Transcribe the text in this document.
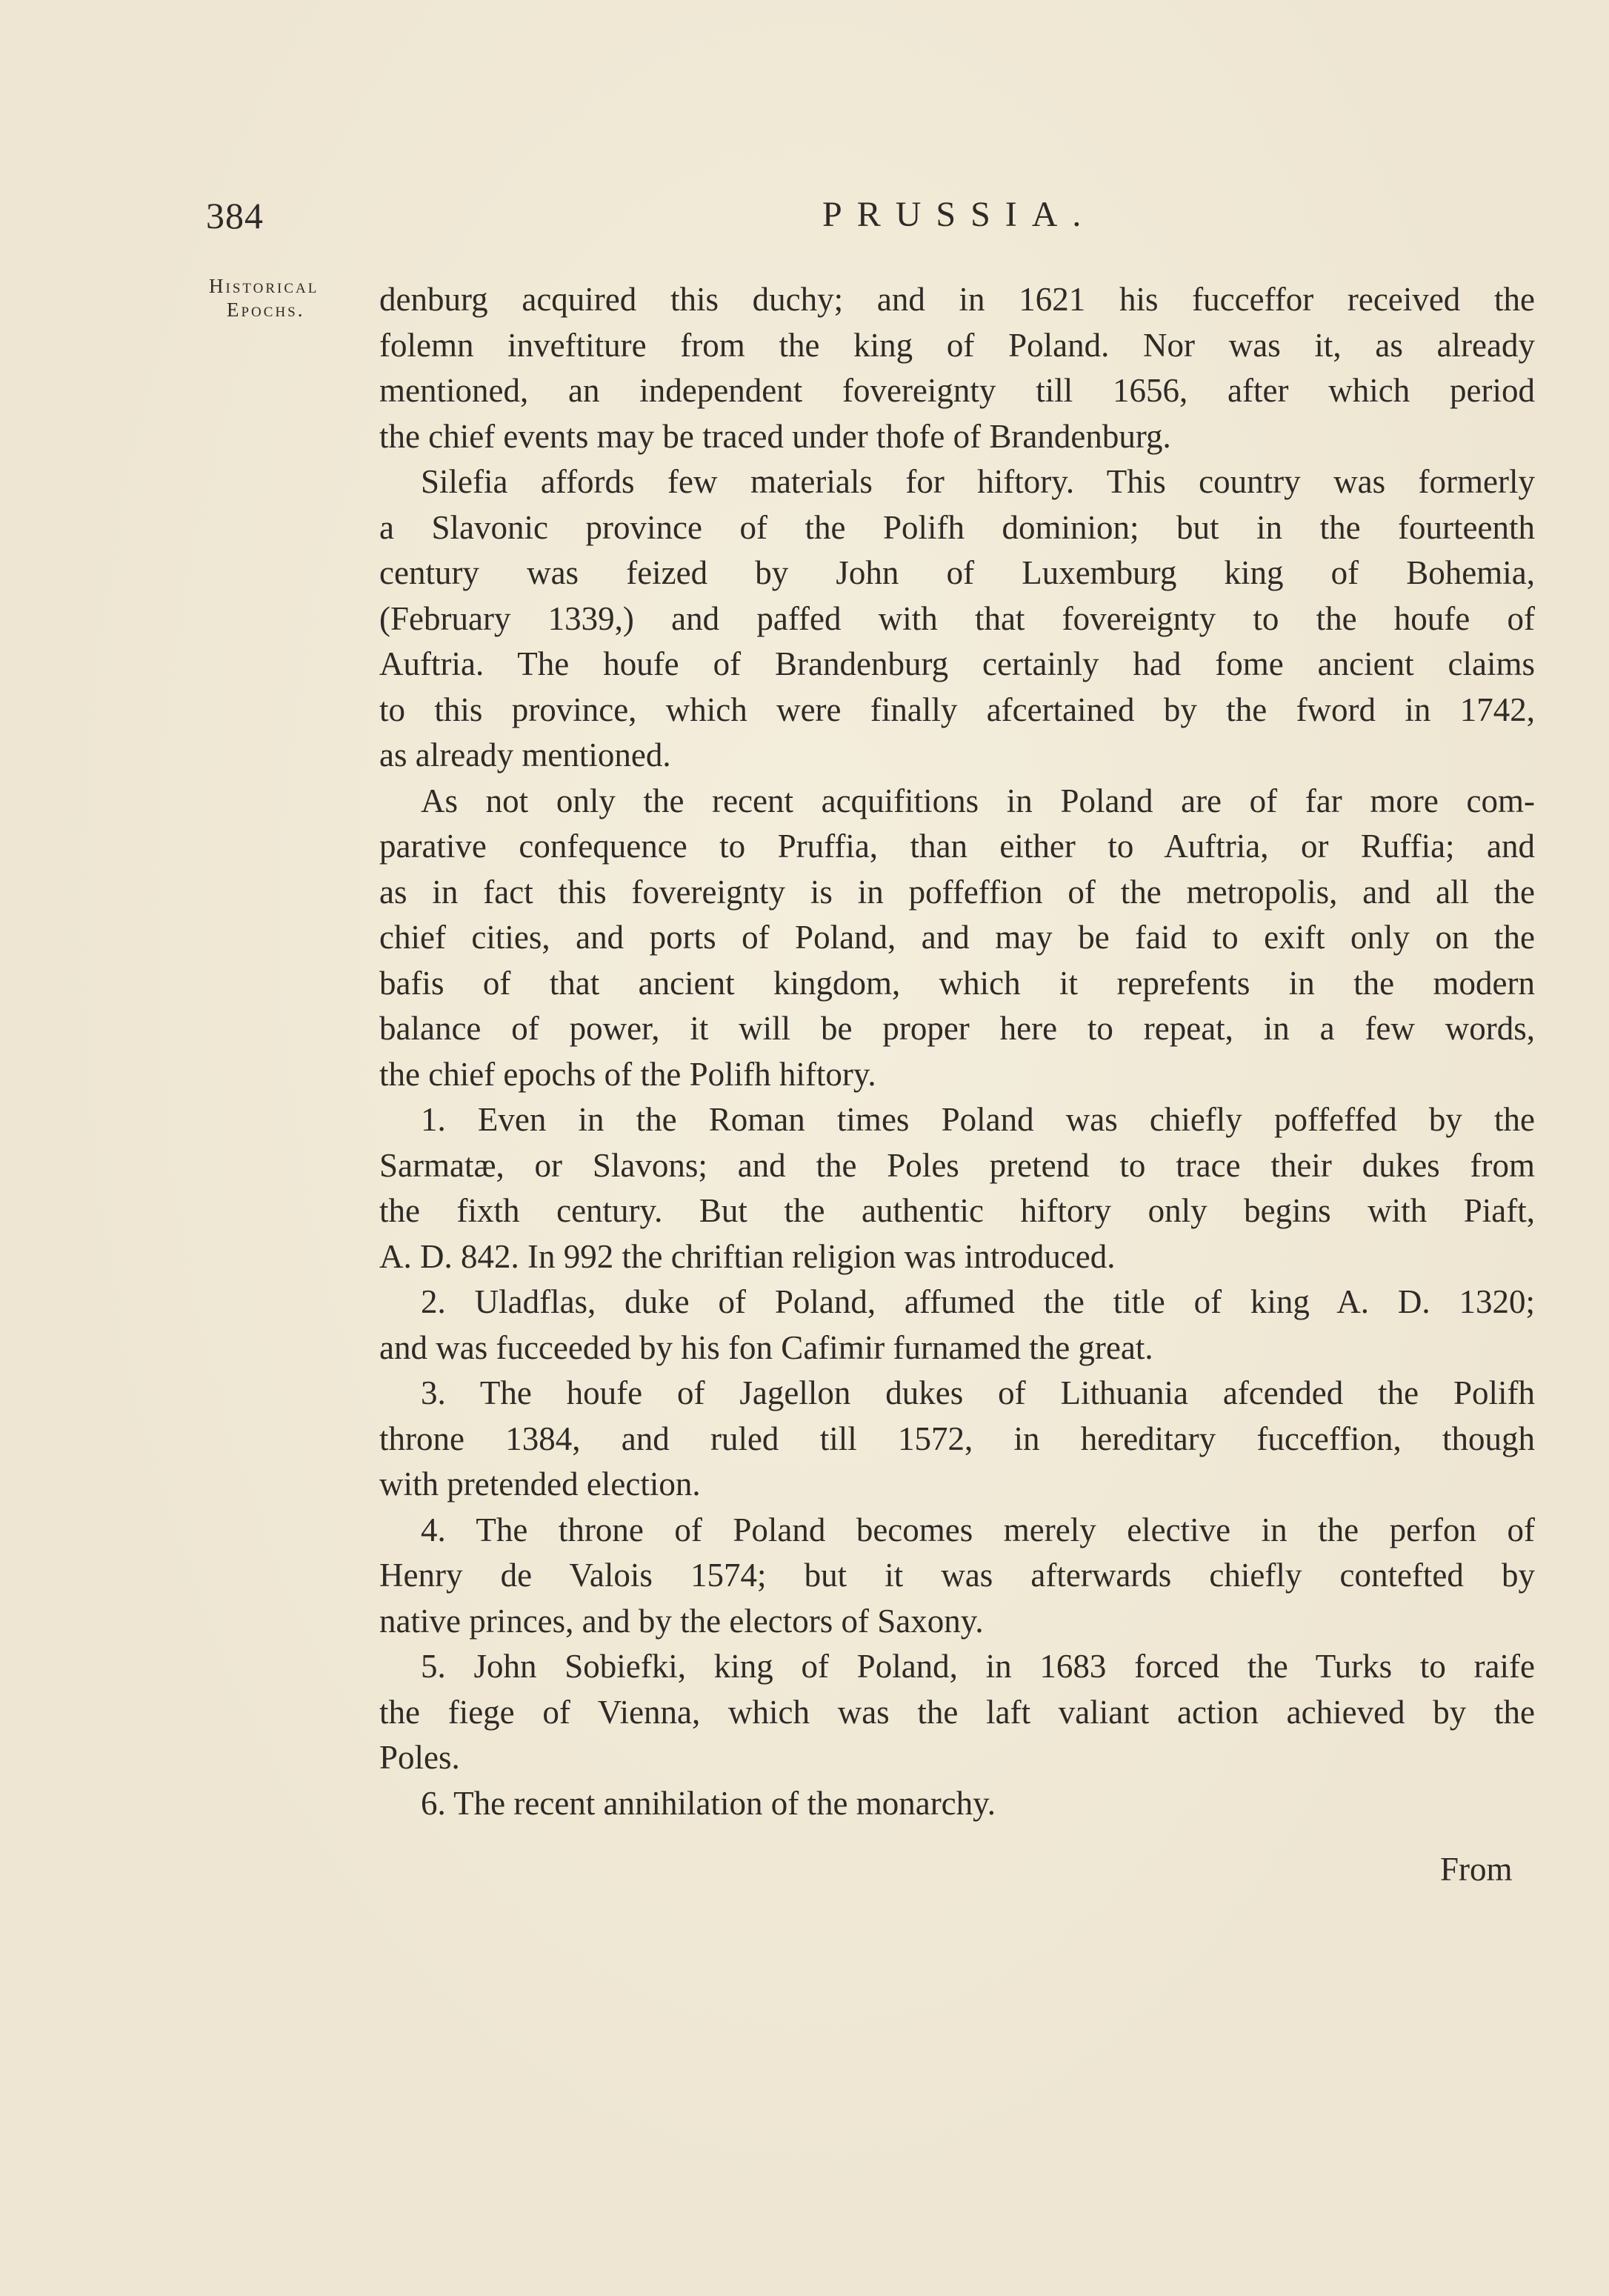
384	PRUSSIA.
Historical
Epochs.	denburg acquired this duchy; and in 1621 his fucceffor received the
folemn inveftiture from the king of Poland. Nor was it, as already
mentioned, an independent fovereignty till 1656, after which period
the chief events may be traced under thofe of Brandenburg.
Silefia affords few materials for hiftory. This country was formerly
a Slavonic province of the Polifh dominion; but in the fourteenth
century was feized by John of Luxemburg king of Bohemia,
(February 1339,) and paffed with that fovereignty to the houfe of
Auftria. The houfe of Brandenburg certainly had fome ancient claims
to this province, which were finally afcertained by the fword in 1742,
as already mentioned.
As not only the recent acquifitions in Poland are of far more com-
parative confequence to Pruffia, than either to Auftria, or Ruffia; and
as in fact this fovereignty is in poffeffion of the metropolis, and all the
chief cities, and ports of Poland, and may be faid to exift only on the
bafis of that ancient kingdom, which it reprefents in the modern
balance of power, it will be proper here to repeat, in a few words,
the chief epochs of the Polifh hiftory.
1. Even in the Roman times Poland was chiefly poffeffed by the
Sarmatæ, or Slavons; and the Poles pretend to trace their dukes from
the fixth century. But the authentic hiftory only begins with Piaft,
A. D. 842. In 992 the chriftian religion was introduced.
2. Uladflas, duke of Poland, affumed the title of king A. D. 1320;
and was fucceeded by his fon Cafimir furnamed the great.
3. The houfe of Jagellon dukes of Lithuania afcended the Polifh
throne 1384, and ruled till 1572, in hereditary fucceffion, though
with pretended election.
4. The throne of Poland becomes merely elective in the perfon of
Henry de Valois 1574; but it was afterwards chiefly contefted by
native princes, and by the electors of Saxony.
5. John Sobiefki, king of Poland, in 1683 forced the Turks to raife
the fiege of Vienna, which was the laft valiant action achieved by the
Poles.
6. The recent annihilation of the monarchy.
From
